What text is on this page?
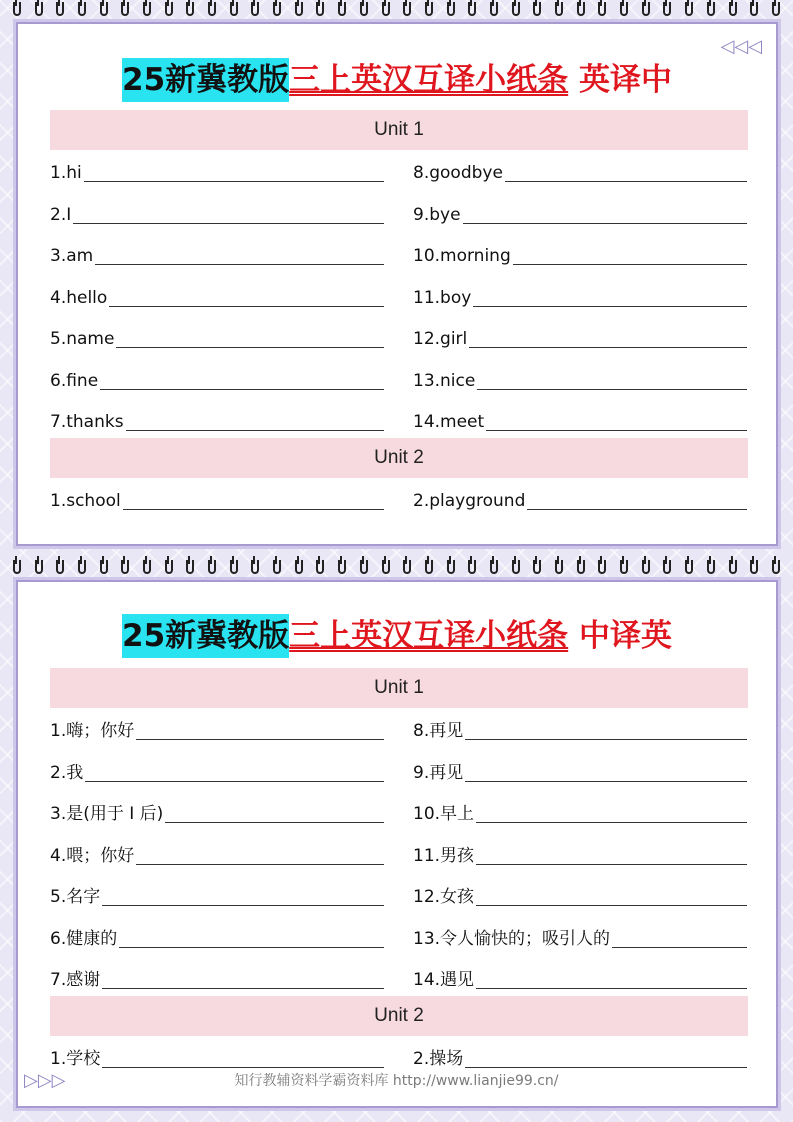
◁◁◁
25新冀教版三上英汉互译小纸条 英译中
Unit 1
1.hi	8.goodbye
2.I	9.bye
3.am	10.morning
4.hello	11.boy
5.name	12.girl
6.fine	13.nice
7.thanks	14.meet
Unit 2
1.school	2.playground
25新冀教版三上英汉互译小纸条 中译英
Unit 1
1.嗨；你好	8.再见
2.我	9.再见
3.是(用于 I 后)	10.早上
4.喂；你好	11.男孩
5.名字	12.女孩
6.健康的	13.令人愉快的；吸引人的
7.感谢	14.遇见
Unit 2
1.学校	2.操场
▷▷▷	知行教辅资料学霸资料库 http://www.lianjie99.cn/
